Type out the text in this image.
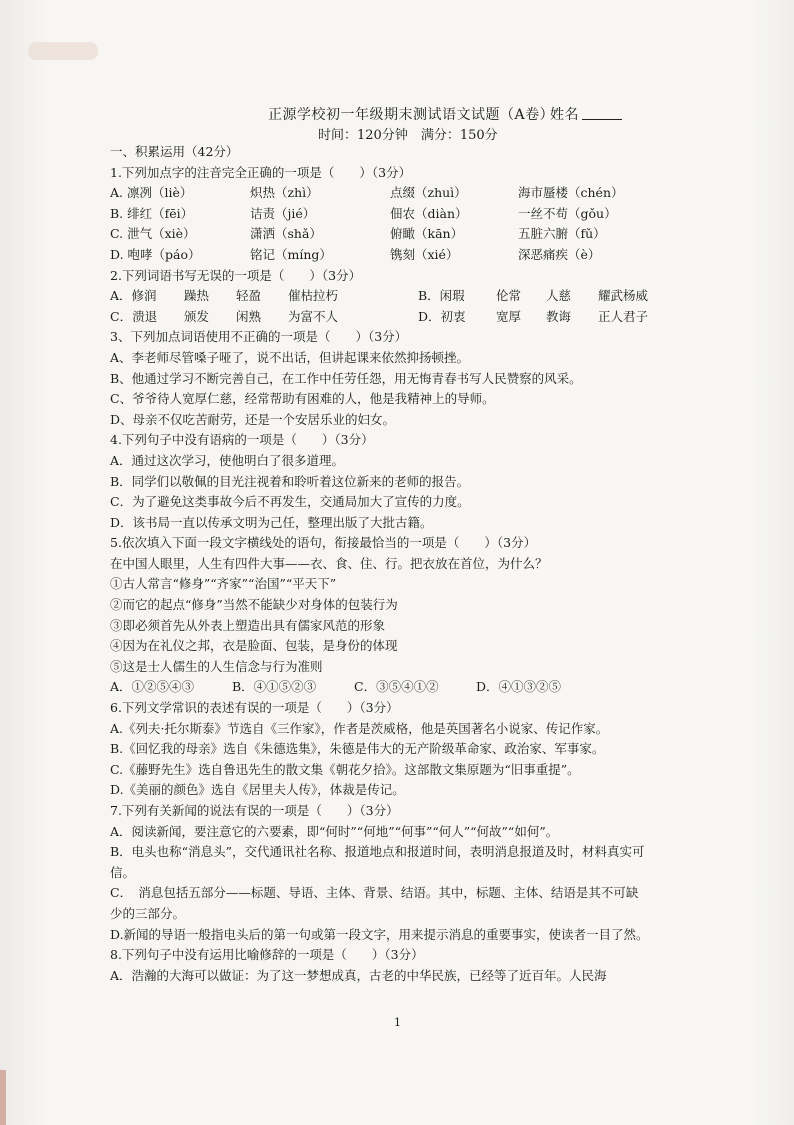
正源学校初一年级期末测试语文试题（A卷）
姓名
时间：120分钟　满分：150分
一、积累运用（42分）
1.下列加点字的注音完全正确的一项是（　　）（3分）
A. 凛冽（liè）	炽热（zhì）	点缀（zhuì）	海市蜃楼（chén）
B. 绯红（fēi）	诘责（jié）	佃农（diàn）	一丝不苟（gǒu）
C. 泄气（xiè）	潇洒（shǎ）	俯瞰（kān）	五脏六腑（fǔ）
D. 咆哮（páo）	铭记（míng）	镌刻（xié）	深恶痛疾（è）
2.下列词语书写无误的一项是（　　）（3分）
A．修润	躁热	轻盈	催枯拉朽	B．闲瑕	伦常	人慈	耀武杨威
C．溃退	颁发	闲熟	为富不人	D．初衷	宽厚	教诲	正人君子
3、下列加点词语使用不正确的一项是（　　）（3分）
A、李老师尽管嗓子哑了，说不出话，但讲起课来依然抑扬顿挫。
B、他通过学习不断完善自己，在工作中任劳任怨，用无悔青春书写人民赞察的风采。
C、爷爷待人宽厚仁慈，经常帮助有困难的人，他是我精神上的导师。
D、母亲不仅吃苦耐劳，还是一个安居乐业的妇女。
4.下列句子中没有语病的一项是（　　）（3分）
A．通过这次学习，使他明白了很多道理。
B．同学们以敬佩的目光注视着和聆听着这位新来的老师的报告。
C．为了避免这类事故今后不再发生，交通局加大了宣传的力度。
D．该书局一直以传承文明为己任，整理出版了大批古籍。
5.依次填入下面一段文字横线处的语句，衔接最恰当的一项是（　　）（3分）
在中国人眼里，人生有四件大事——衣、食、住、行。把衣放在首位，为什么？
①古人常言“修身”“齐家”“治国”“平天下”
②而它的起点“修身”当然不能缺少对身体的包装行为
③即必须首先从外表上塑造出具有儒家风范的形象
④因为在礼仪之邦，衣是脸面、包装，是身份的体现
⑤这是士人儒生的人生信念与行为准则
A．①②⑤④③	B．④①⑤②③	C．③⑤④①②	D．④①③②⑤
6.下列文学常识的表述有误的一项是（　　）（3分）
A.《列夫·托尔斯泰》节选自《三作家》，作者是茨威格，他是英国著名小说家、传记作家。
B.《回忆我的母亲》选自《朱德选集》，朱德是伟大的无产阶级革命家、政治家、军事家。
C.《藤野先生》选自鲁迅先生的散文集《朝花夕拾》。这部散文集原题为“旧事重提”。
D.《美丽的颜色》选自《居里夫人传》，体裁是传记。
7.下列有关新闻的说法有误的一项是（　　）（3分）
A．阅读新闻，要注意它的六要素，即“何时”“何地”“何事”“何人”“何故”“如何”。
B．电头也称“消息头”，交代通讯社名称、报道地点和报道时间，表明消息报道及时，材料真实可
信。
C．　消息包括五部分——标题、导语、主体、背景、结语。其中，标题、主体、结语是其不可缺
少的三部分。
D.新闻的导语一般指电头后的第一句或第一段文字，用来提示消息的重要事实，使读者一目了然。
8.下列句子中没有运用比喻修辞的一项是（　　）（3分）
A．浩瀚的大海可以做证：为了这一梦想成真，古老的中华民族，已经等了近百年。人民海
1
